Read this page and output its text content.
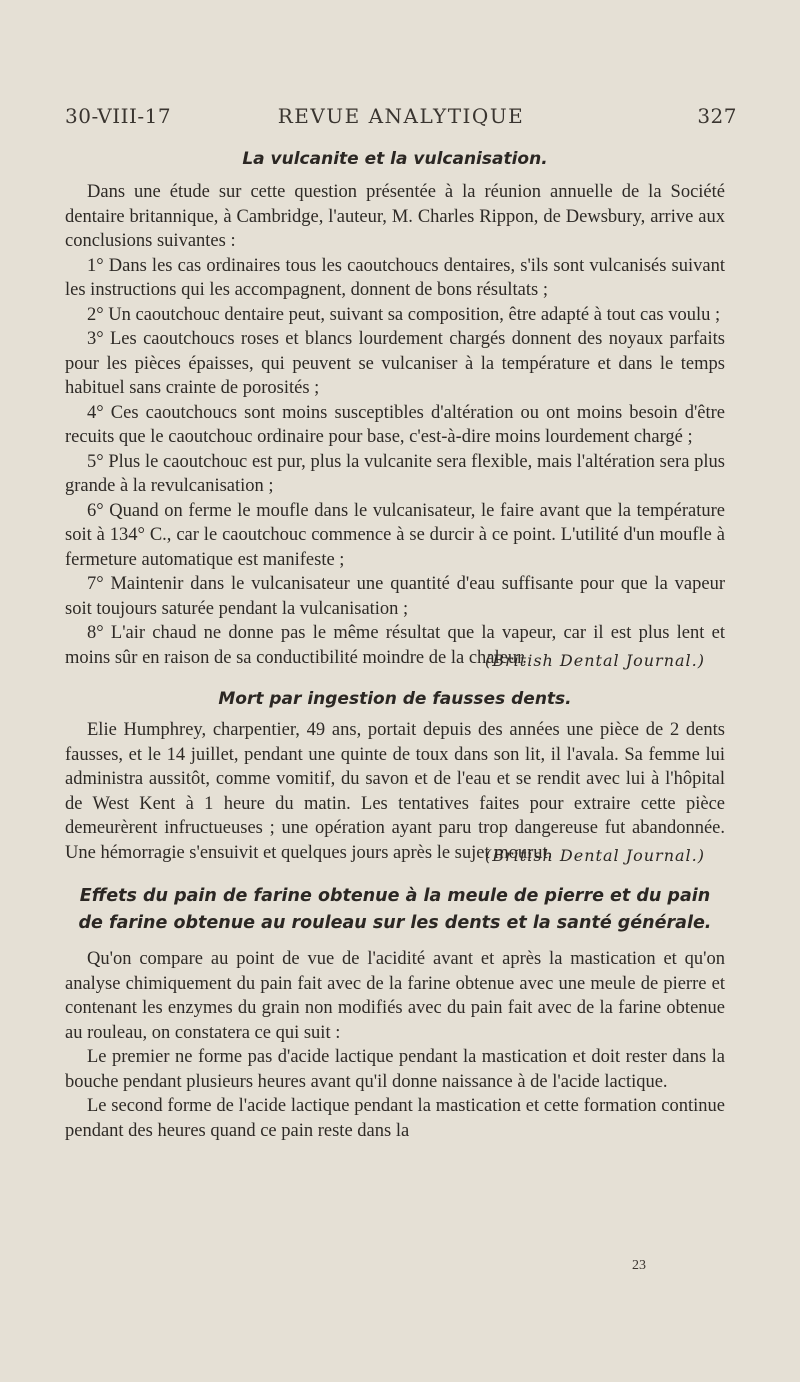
30-VIII-17	REVUE ANALYTIQUE	327
La vulcanite et la vulcanisation.

Dans une étude sur cette question présentée à la réunion annuelle de la Société dentaire britannique, à Cambridge, l'auteur, M. Charles Rippon, de Dewsbury, arrive aux conclusions suivantes :

1° Dans les cas ordinaires tous les caoutchoucs dentaires, s'ils sont vulcanisés suivant les instructions qui les accompagnent, donnent de bons résultats ;

2° Un caoutchouc dentaire peut, suivant sa composition, être adapté à tout cas voulu ;

3° Les caoutchoucs roses et blancs lourdement chargés donnent des noyaux parfaits pour les pièces épaisses, qui peuvent se vulcaniser à la température et dans le temps habituel sans crainte de porosités ;

4° Ces caoutchoucs sont moins susceptibles d'altération ou ont moins besoin d'être recuits que le caoutchouc ordinaire pour base, c'est-à-dire moins lourdement chargé ;

5° Plus le caoutchouc est pur, plus la vulcanite sera flexible, mais l'altération sera plus grande à la revulcanisation ;

6° Quand on ferme le moufle dans le vulcanisateur, le faire avant que la température soit à 134° C., car le caoutchouc commence à se durcir à ce point. L'utilité d'un moufle à fermeture automatique est manifeste ;

7° Maintenir dans le vulcanisateur une quantité d'eau suffisante pour que la vapeur soit toujours saturée pendant la vulcanisation ;

8° L'air chaud ne donne pas le même résultat que la vapeur, car il est plus lent et moins sûr en raison de sa conductibilité moindre de la chaleur.

(British Dental Journal.)
Mort par ingestion de fausses dents.

Elie Humphrey, charpentier, 49 ans, portait depuis des années une pièce de 2 dents fausses, et le 14 juillet, pendant une quinte de toux dans son lit, il l'avala. Sa femme lui administra aussitôt, comme vomitif, du savon et de l'eau et se rendit avec lui à l'hôpital de West Kent à 1 heure du matin. Les tentatives faites pour extraire cette pièce demeurèrent infructueuses ; une opération ayant paru trop dangereuse fut abandonnée. Une hémorragie s'ensuivit et quelques jours après le sujet mourut.

(British Dental Journal.)
Effets du pain de farine obtenue à la meule de pierre et du pain
de farine obtenue au rouleau sur les dents et la santé générale.

Qu'on compare au point de vue de l'acidité avant et après la mastication et qu'on analyse chimiquement du pain fait avec de la farine obtenue avec une meule de pierre et contenant les enzymes du grain non modifiés avec du pain fait avec de la farine obtenue au rouleau, on constatera ce qui suit :

Le premier ne forme pas d'acide lactique pendant la mastication et doit rester dans la bouche pendant plusieurs heures avant qu'il donne naissance à de l'acide lactique.

Le second forme de l'acide lactique pendant la mastication et cette formation continue pendant des heures quand ce pain reste dans la

23
